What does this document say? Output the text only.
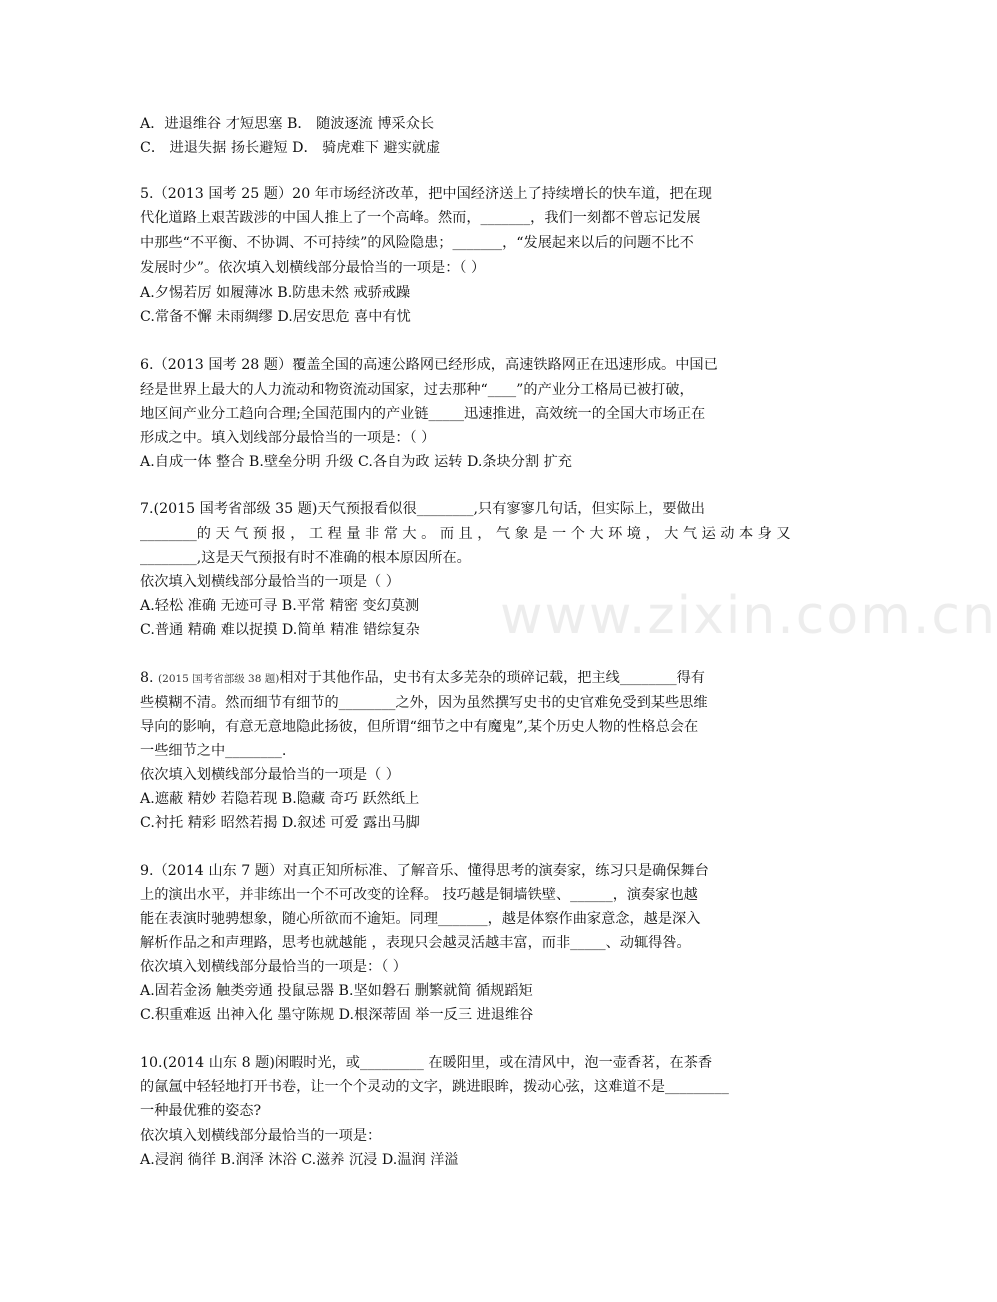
www.zixin.com.cn
A．进退维谷 才短思塞 B． 随波逐流 博采众长
C． 进退失据 扬长避短 D． 骑虎难下 避实就虚
5.（2013 国考 25 题）20 年市场经济改革，把中国经济送上了持续增长的快车道，把在现
代化道路上艰苦跋涉的中国人推上了一个高峰。然而，_______，我们一刻都不曾忘记发展
中那些“不平衡、不协调、不可持续”的风险隐患；_______，“发展起来以后的问题不比不
发展时少”。依次填入划横线部分最恰当的一项是：（ ）
A.夕惕若厉 如履薄冰 B.防患未然 戒骄戒躁
C.常备不懈 未雨绸缪 D.居安思危 喜中有忧
6.（2013 国考 28 题）覆盖全国的高速公路网已经形成，高速铁路网正在迅速形成。中国已
经是世界上最大的人力流动和物资流动国家，过去那种“____”的产业分工格局已被打破，
地区间产业分工趋向合理;全国范围内的产业链_____迅速推进，高效统一的全国大市场正在
形成之中。填入划线部分最恰当的一项是：（ ）
A.自成一体 整合 B.壁垒分明 升级 C.各自为政 运转 D.条块分割 扩充
7.(2015 国考省部级 35 题)天气预报看似很________,只有寥寥几句话，但实际上，要做出
________的 天 气 预 报 ， 工 程 量 非 常 大 。 而 且 ， 气 象 是 一 个 大 环 境 ， 大 气 运 动 本 身 又
________,这是天气预报有时不准确的根本原因所在。
依次填入划横线部分最恰当的一项是（ ）
A.轻松 准确 无迹可寻 B.平常 精密 变幻莫测
C.普通 精确 难以捉摸 D.简单 精准 错综复杂
8. (2015 国考省部级 38 题)相对于其他作品，史书有太多芜杂的琐碎记载，把主线________得有
些模糊不清。然而细节有细节的________之外，因为虽然撰写史书的史官难免受到某些思维
导向的影响，有意无意地隐此扬彼，但所谓“细节之中有魔鬼”,某个历史人物的性格总会在
一些细节之中________.
依次填入划横线部分最恰当的一项是（ ）
A.遮蔽 精妙 若隐若现 B.隐藏 奇巧 跃然纸上
C.衬托 精彩 昭然若揭 D.叙述 可爱 露出马脚
9.（2014 山东 7 题）对真正知所标准、了解音乐、懂得思考的演奏家，练习只是确保舞台
上的演出水平，并非练出一个不可改变的诠释。 技巧越是铜墙铁壁、______，演奏家也越
能在表演时驰骋想象，随心所欲而不逾矩。同理_______，越是体察作曲家意念，越是深入
解析作品之和声理路，思考也就越能 ，表现只会越灵活越丰富，而非_____、动辄得咎。
依次填入划横线部分最恰当的一项是：（ ）
A.固若金汤 触类旁通 投鼠忌器 B.坚如磐石 删繁就简 循规蹈矩
C.积重难返 出神入化 墨守陈规 D.根深蒂固 举一反三 进退维谷
10.(2014 山东 8 题)闲暇时光，或_________ 在暖阳里，或在清风中，泡一壶香茗，在茶香
的氤氲中轻轻地打开书卷，让一个个灵动的文字，跳进眼眸，拨动心弦，这难道不是_________
一种最优雅的姿态?
依次填入划横线部分最恰当的一项是：
A.浸润 徜徉 B.润泽 沐浴 C.滋养 沉浸 D.温润 洋溢
